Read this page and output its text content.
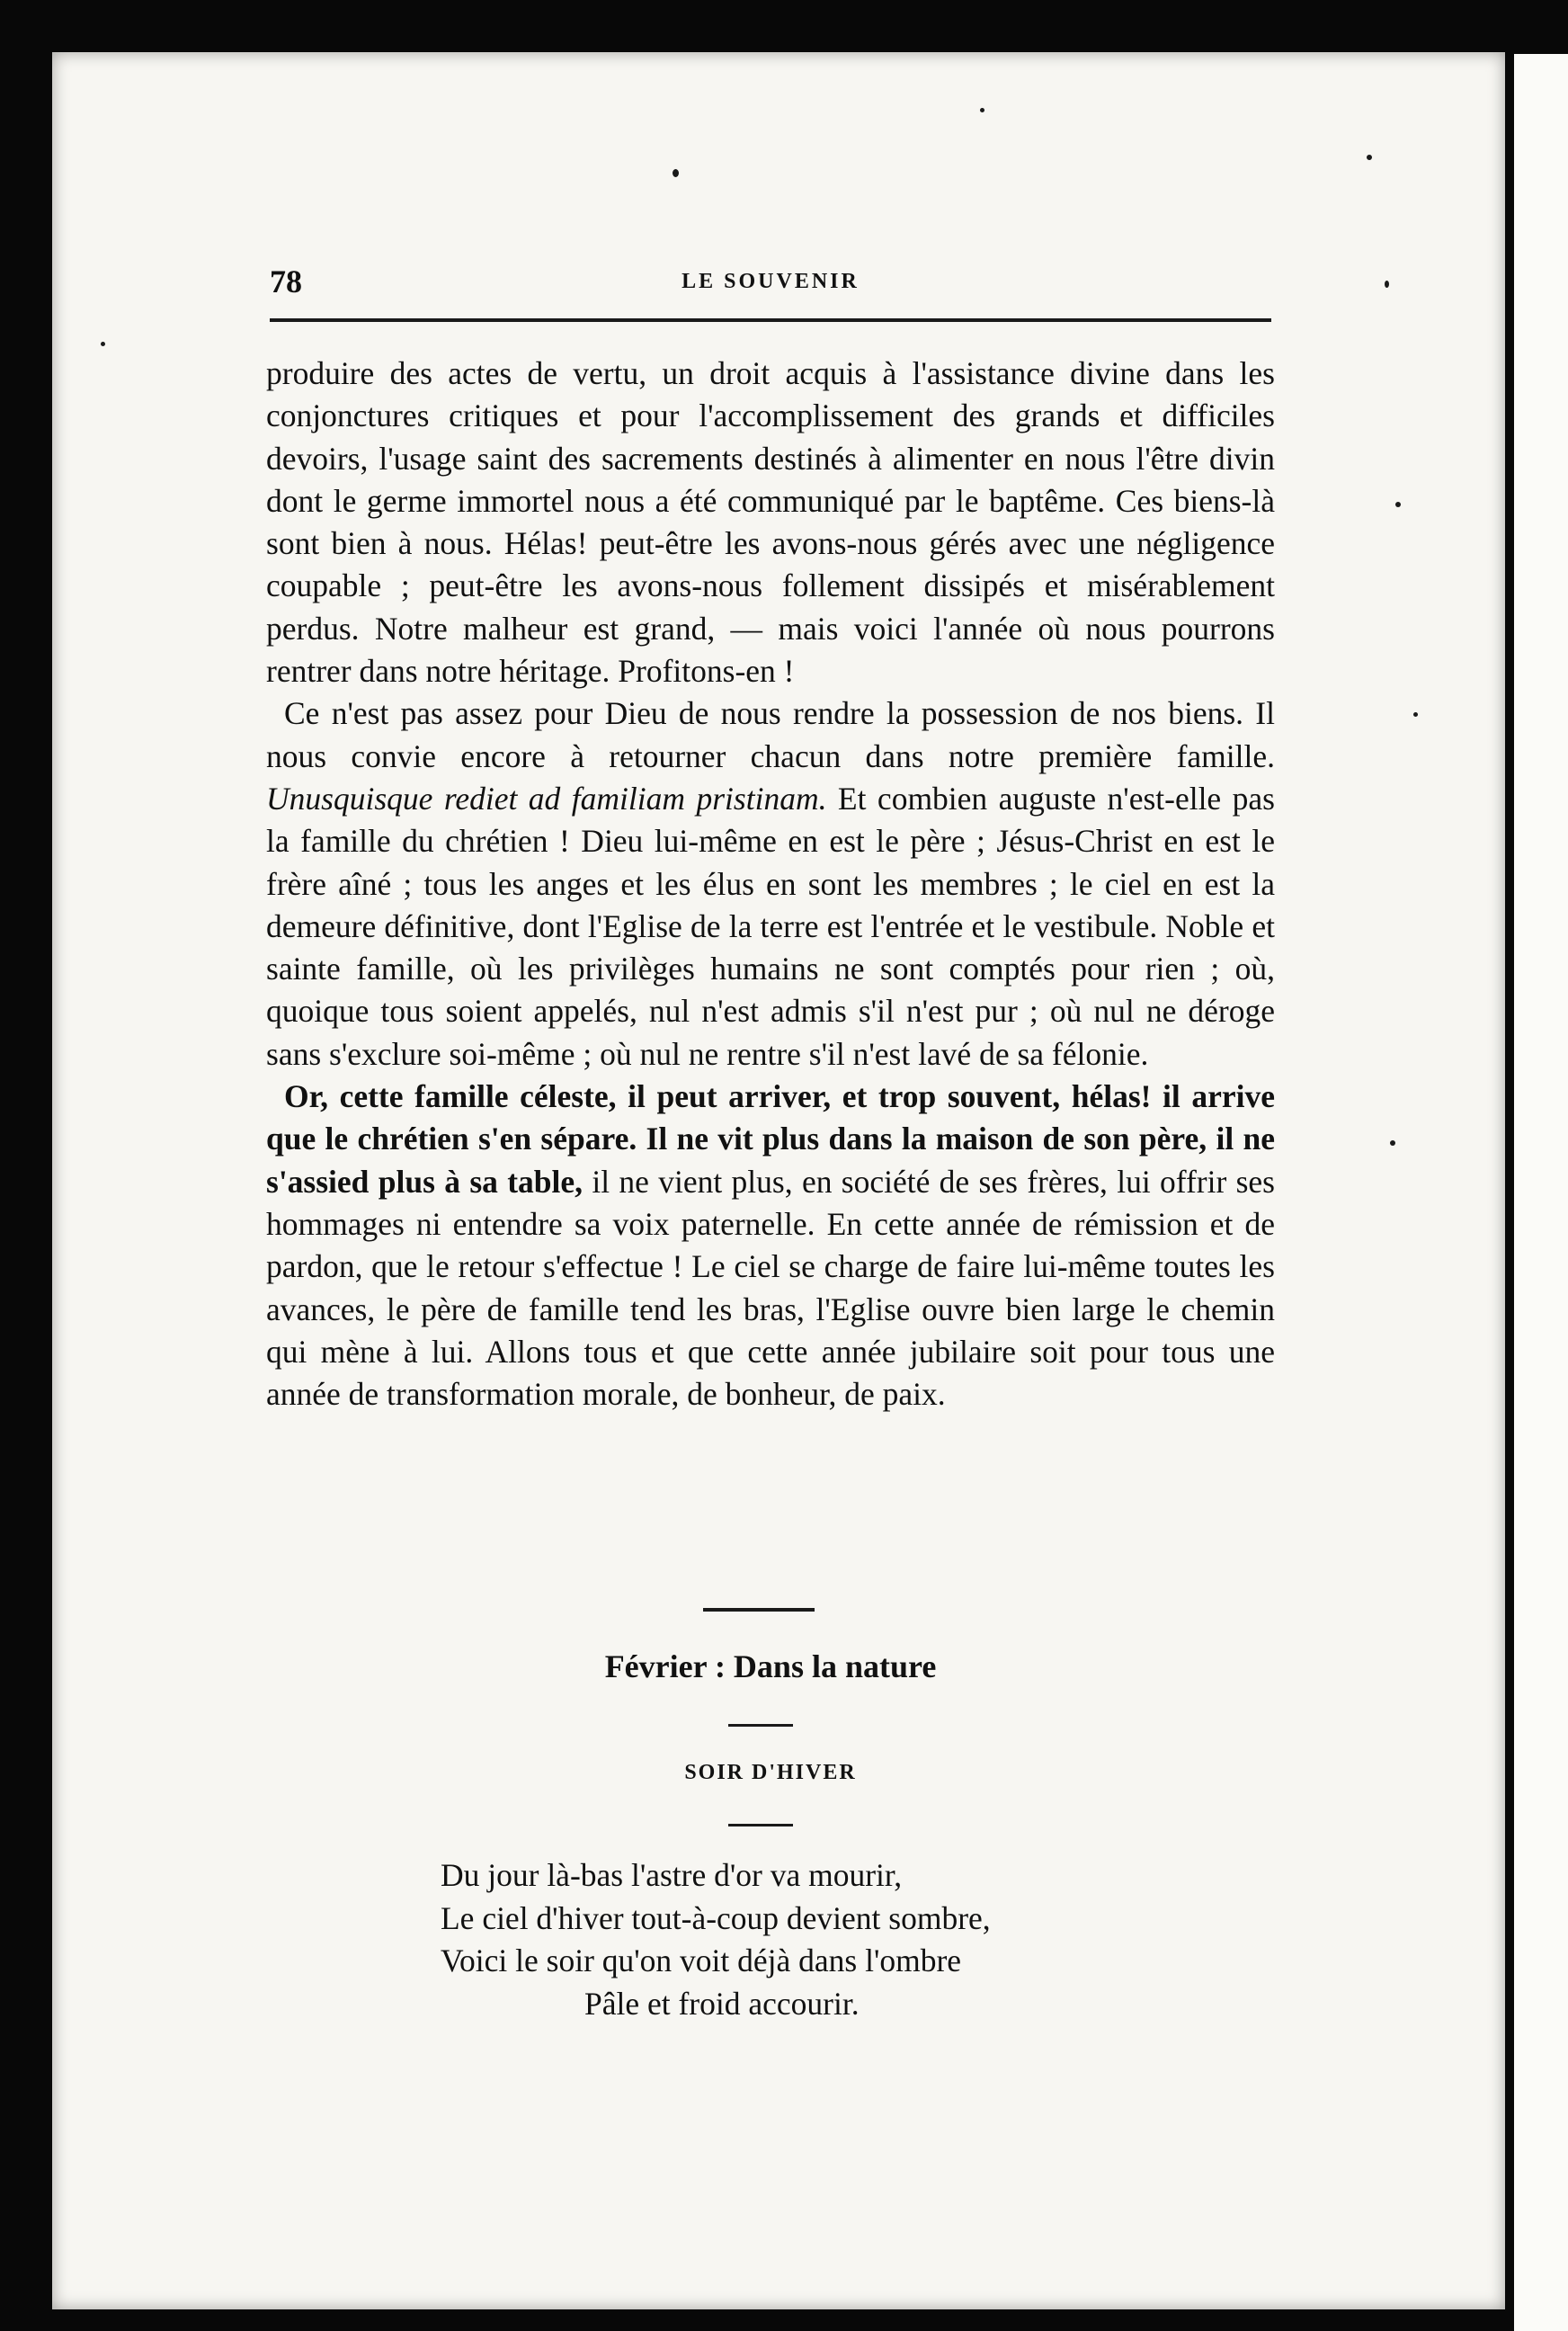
78	LE SOUVENIR

produire des actes de vertu, un droit acquis à l'assistance divine dans les conjonctures critiques et pour l'accomplissement des grands et difficiles devoirs, l'usage saint des sacrements destinés à alimenter en nous l'être divin dont le germe immortel nous a été communiqué par le baptême. Ces biens-là sont bien à nous. Hélas! peut-être les avons-nous gérés avec une négligence coupable ; peut-être les avons-nous follement dissipés et misérablement perdus. Notre malheur est grand, — mais voici l'année où nous pourrons rentrer dans notre héritage. Profitons-en !

Ce n'est pas assez pour Dieu de nous rendre la possession de nos biens. Il nous convie encore à retourner chacun dans notre première famille. Unusquisque rediet ad familiam pristinam. Et combien auguste n'est-elle pas la famille du chrétien ! Dieu lui-même en est le père ; Jésus-Christ en est le frère aîné ; tous les anges et les élus en sont les membres ; le ciel en est la demeure définitive, dont l'Eglise de la terre est l'entrée et le vestibule. Noble et sainte famille, où les privilèges humains ne sont comptés pour rien ; où, quoique tous soient appelés, nul n'est admis s'il n'est pur ; où nul ne déroge sans s'exclure soi-même ; où nul ne rentre s'il n'est lavé de sa félonie.

Or, cette famille céleste, il peut arriver, et trop souvent, hélas! il arrive que le chrétien s'en sépare. Il ne vit plus dans la maison de son père, il ne s'assied plus à sa table, il ne vient plus, en société de ses frères, lui offrir ses hommages ni entendre sa voix paternelle. En cette année de rémission et de pardon, que le retour s'effectue ! Le ciel se charge de faire lui-même toutes les avances, le père de famille tend les bras, l'Eglise ouvre bien large le chemin qui mène à lui. Allons tous et que cette année jubilaire soit pour tous une année de transformation morale, de bonheur, de paix.

Février : Dans la nature
SOIR D'HIVER
Du jour là-bas l'astre d'or va mourir,
Le ciel d'hiver tout-à-coup devient sombre,
Voici le soir qu'on voit déjà dans l'ombre
Pâle et froid accourir.
